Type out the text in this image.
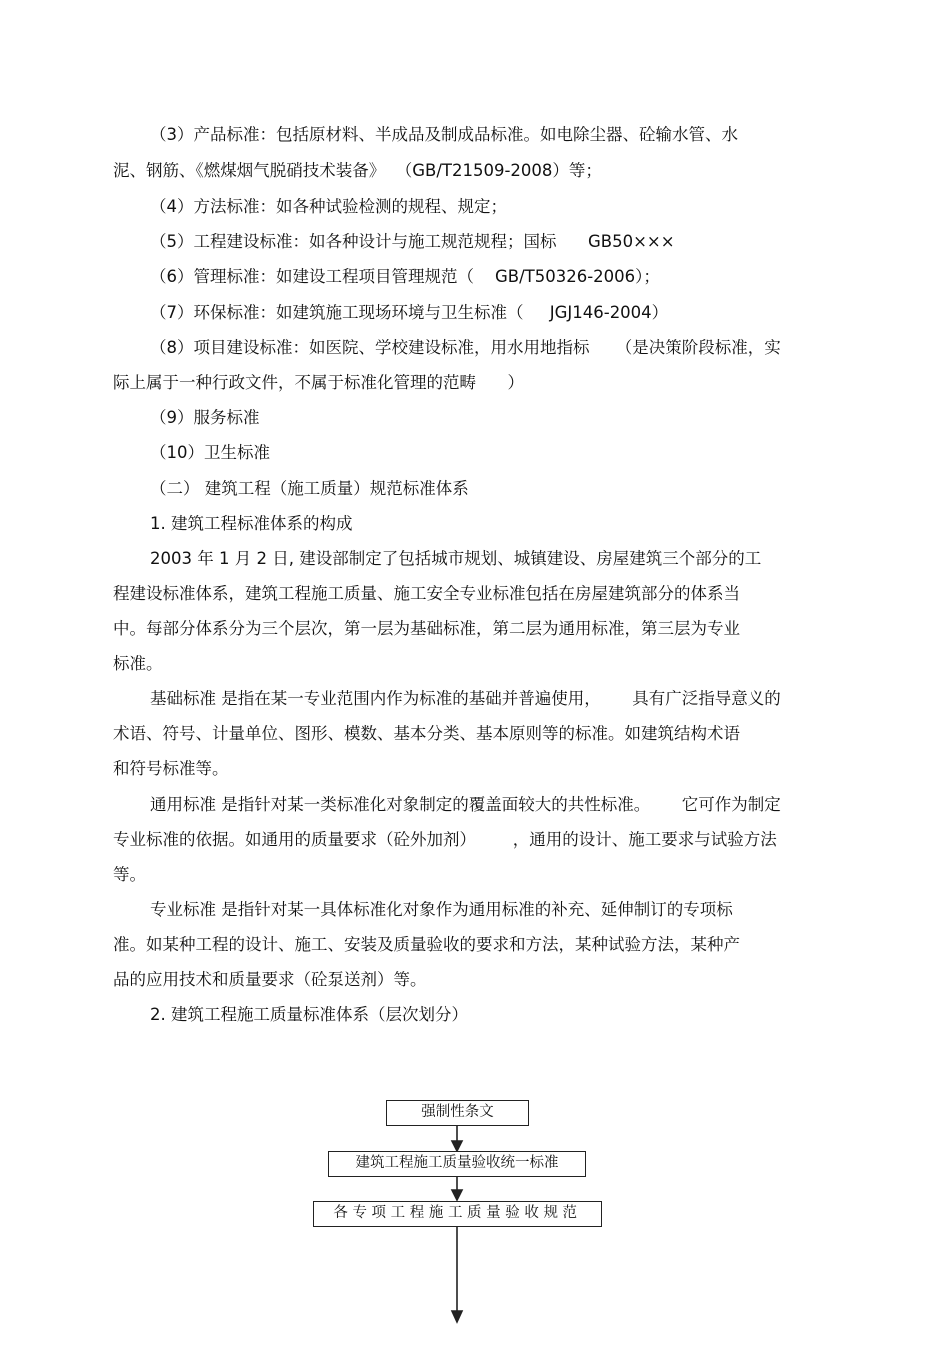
（3）产品标准：包括原材料、半成品及制成品标准。如电除尘器、砼输水管、水
泥、钢筋、《燃煤烟气脱硝技术装备》  （GB/T21509-2008）等；
（4）方法标准：如各种试验检测的规程、规定；
（5）工程建设标准：如各种设计与施工规范规程；国标      GB50×××
（6）管理标准：如建设工程项目管理规范（    GB/T50326-2006）；
（7）环保标准：如建筑施工现场环境与卫生标准（     JGJ146-2004）
（8）项目建设标准：如医院、学校建设标准，用水用地指标     （是决策阶段标准，实
际上属于一种行政文件，不属于标准化管理的范畴      ）
（9）服务标准
（10）卫生标准
（二） 建筑工程（施工质量）规范标准体系
1. 建筑工程标准体系的构成
2003 年 1 月 2 日, 建设部制定了包括城市规划、城镇建设、房屋建筑三个部分的工
程建设标准体系，建筑工程施工质量、施工安全专业标准包括在房屋建筑部分的体系当
中。每部分体系分为三个层次，第一层为基础标准，第二层为通用标准，第三层为专业
标准。
基础标准 是指在某一专业范围内作为标准的基础并普遍使用，      具有广泛指导意义的
术语、符号、计量单位、图形、模数、基本分类、基本原则等的标准。如建筑结构术语
和符号标准等。
通用标准 是指针对某一类标准化对象制定的覆盖面较大的共性标准。      它可作为制定
专业标准的依据。如通用的质量要求（砼外加剂）       ，通用的设计、施工要求与试验方法
等。
专业标准 是指针对某一具体标准化对象作为通用标准的补充、延伸制订的专项标
准。如某种工程的设计、施工、安装及质量验收的要求和方法，某种试验方法，某种产
品的应用技术和质量要求（砼泵送剂）等。
2. 建筑工程施工质量标准体系（层次划分）
强制性条文
建筑工程施工质量验收统一标准
各专项工程施工质量验收规范
